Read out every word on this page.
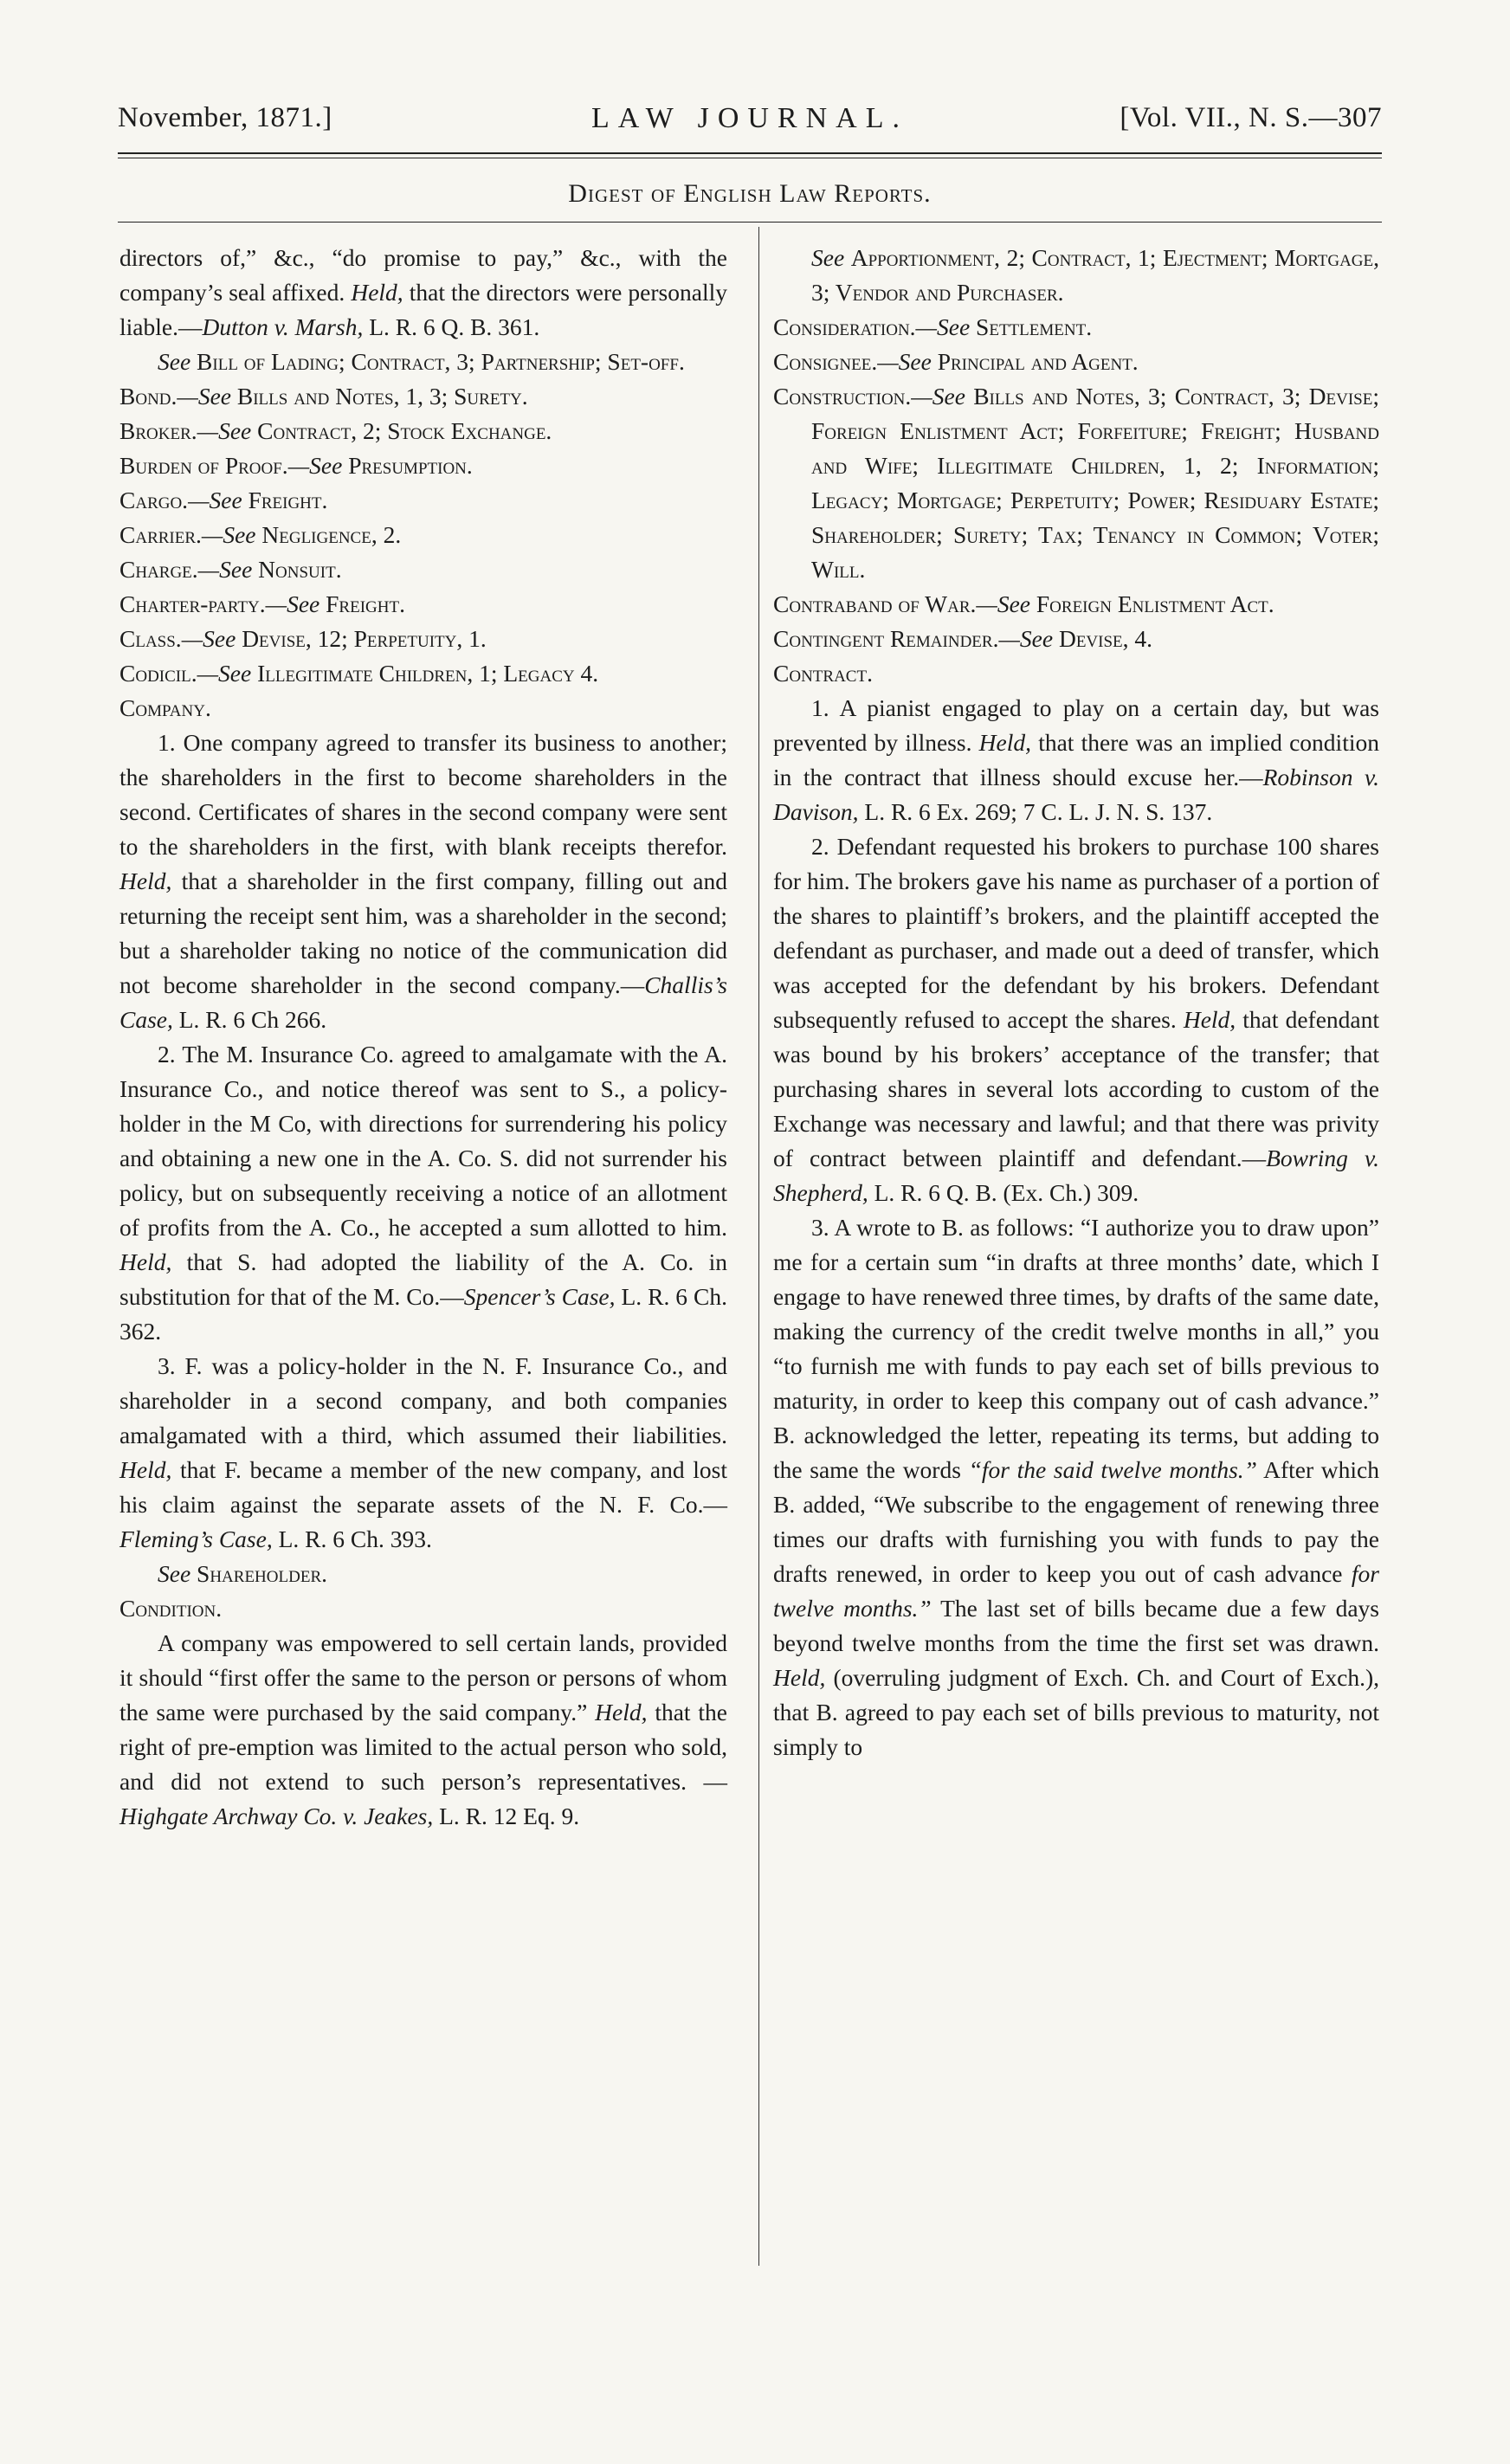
November, 1871.]	LAW JOURNAL.	[Vol. VII., N. S.—307
Digest of English Law Reports.

directors of,” &c., “do promise to pay,” &c., with the company’s seal affixed. Held, that the directors were personally liable.—Dutton v. Marsh, L. R. 6 Q. B. 361.

See Bill of Lading; Contract, 3; Partnership; Set-off.

Bond.—See Bills and Notes, 1, 3; Surety.

Broker.—See Contract, 2; Stock Exchange.

Burden of Proof.—See Presumption.

Cargo.—See Freight.

Carrier.—See Negligence, 2.

Charge.—See Nonsuit.

Charter-party.—See Freight.

Class.—See Devise, 12; Perpetuity, 1.

Codicil.—See Illegitimate Children, 1; Legacy 4.

Company.

1. One company agreed to transfer its business to another; the shareholders in the first to become shareholders in the second. Certificates of shares in the second company were sent to the shareholders in the first, with blank receipts therefor. Held, that a shareholder in the first company, filling out and returning the receipt sent him, was a shareholder in the second; but a shareholder taking no notice of the communication did not become shareholder in the second company.—Challis’s Case, L. R. 6 Ch 266.

2. The M. Insurance Co. agreed to amalgamate with the A. Insurance Co., and notice thereof was sent to S., a policy-holder in the M Co, with directions for surrendering his policy and obtaining a new one in the A. Co. S. did not surrender his policy, but on subsequently receiving a notice of an allotment of profits from the A. Co., he accepted a sum allotted to him. Held, that S. had adopted the liability of the A. Co. in substitution for that of the M. Co.—Spencer’s Case, L. R. 6 Ch. 362.

3. F. was a policy-holder in the N. F. Insurance Co., and shareholder in a second company, and both companies amalgamated with a third, which assumed their liabilities. Held, that F. became a member of the new company, and lost his claim against the separate assets of the N. F. Co.—Fleming’s Case, L. R. 6 Ch. 393.

See Shareholder.

Condition.

A company was empowered to sell certain lands, provided it should “first offer the same to the person or persons of whom the same were purchased by the said company.” Held, that the right of pre-emption was limited to the actual person who sold, and did not extend to such person’s representatives. — Highgate Archway Co. v. Jeakes, L. R. 12 Eq. 9.

See Apportionment, 2; Contract, 1; Ejectment; Mortgage, 3; Vendor and Purchaser.

Consideration.—See Settlement.

Consignee.—See Principal and Agent.

Construction.—See Bills and Notes, 3; Contract, 3; Devise; Foreign Enlistment Act; Forfeiture; Freight; Husband and Wife; Illegitimate Children, 1, 2; Information; Legacy; Mortgage; Perpetuity; Power; Residuary Estate; Shareholder; Surety; Tax; Tenancy in Common; Voter; Will.

Contraband of War.—See Foreign Enlistment Act.

Contingent Remainder.—See Devise, 4.

Contract.

1. A pianist engaged to play on a certain day, but was prevented by illness. Held, that there was an implied condition in the contract that illness should excuse her.—Robinson v. Davison, L. R. 6 Ex. 269; 7 C. L. J. N. S. 137.

2. Defendant requested his brokers to purchase 100 shares for him. The brokers gave his name as purchaser of a portion of the shares to plaintiff’s brokers, and the plaintiff accepted the defendant as purchaser, and made out a deed of transfer, which was accepted for the defendant by his brokers. Defendant subsequently refused to accept the shares. Held, that defendant was bound by his brokers’ acceptance of the transfer; that purchasing shares in several lots according to custom of the Exchange was necessary and lawful; and that there was privity of contract between plaintiff and defendant.—Bowring v. Shepherd, L. R. 6 Q. B. (Ex. Ch.) 309.

3. A wrote to B. as follows: “I authorize you to draw upon” me for a certain sum “in drafts at three months’ date, which I engage to have renewed three times, by drafts of the same date, making the currency of the credit twelve months in all,” you “to furnish me with funds to pay each set of bills previous to maturity, in order to keep this company out of cash advance.” B. acknowledged the letter, repeating its terms, but adding to the same the words “for the said twelve months.” After which B. added, “We subscribe to the engagement of renewing three times our drafts with furnishing you with funds to pay the drafts renewed, in order to keep you out of cash advance for twelve months.” The last set of bills became due a few days beyond twelve months from the time the first set was drawn. Held, (overruling judgment of Exch. Ch. and Court of Exch.), that B. agreed to pay each set of bills previous to maturity, not simply to
